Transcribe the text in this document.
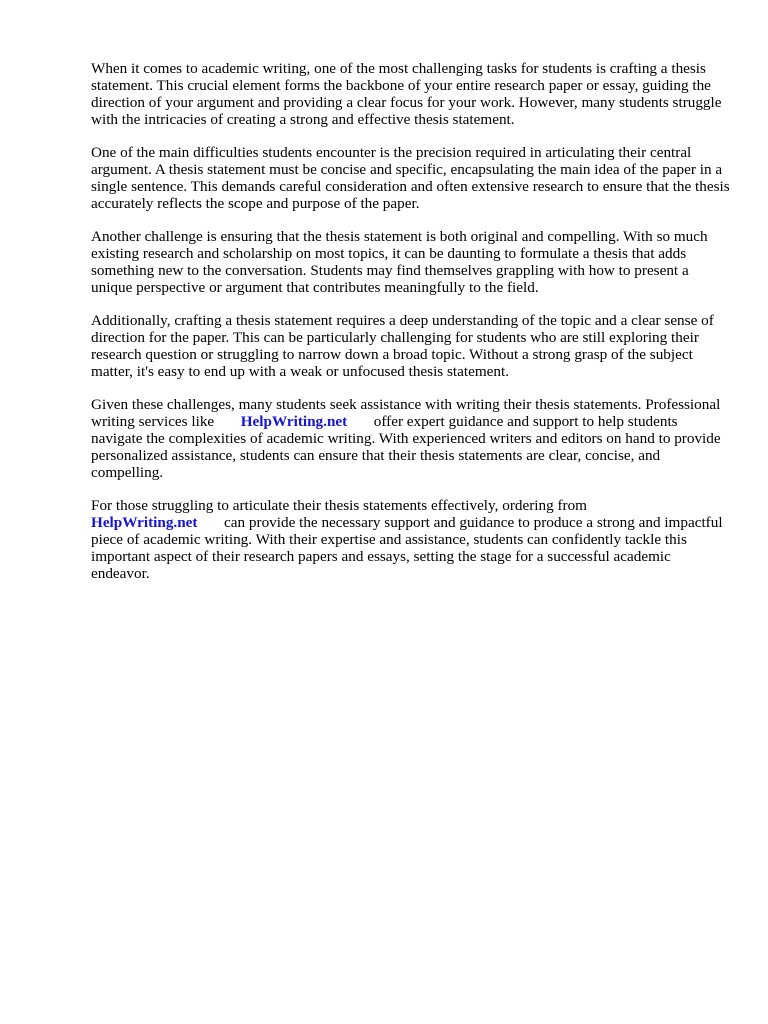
When it comes to academic writing, one of the most challenging tasks for students is crafting a thesis statement. This crucial element forms the backbone of your entire research paper or essay, guiding the direction of your argument and providing a clear focus for your work. However, many students struggle with the intricacies of creating a strong and effective thesis statement.

One of the main difficulties students encounter is the precision required in articulating their central argument. A thesis statement must be concise and specific, encapsulating the main idea of the paper in a single sentence. This demands careful consideration and often extensive research to ensure that the thesis accurately reflects the scope and purpose of the paper.

Another challenge is ensuring that the thesis statement is both original and compelling. With so much existing research and scholarship on most topics, it can be daunting to formulate a thesis that adds something new to the conversation. Students may find themselves grappling with how to present a unique perspective or argument that contributes meaningfully to the field.

Additionally, crafting a thesis statement requires a deep understanding of the topic and a clear sense of direction for the paper. This can be particularly challenging for students who are still exploring their research question or struggling to narrow down a broad topic. Without a strong grasp of the subject matter, it's easy to end up with a weak or unfocused thesis statement.

Given these challenges, many students seek assistance with writing their thesis statements. Professional writing services like HelpWriting.net offer expert guidance and support to help students navigate the complexities of academic writing. With experienced writers and editors on hand to provide personalized assistance, students can ensure that their thesis statements are clear, concise, and compelling.

For those struggling to articulate their thesis statements effectively, ordering from HelpWriting.net can provide the necessary support and guidance to produce a strong and impactful piece of academic writing. With their expertise and assistance, students can confidently tackle this important aspect of their research papers and essays, setting the stage for a successful academic endeavor.
